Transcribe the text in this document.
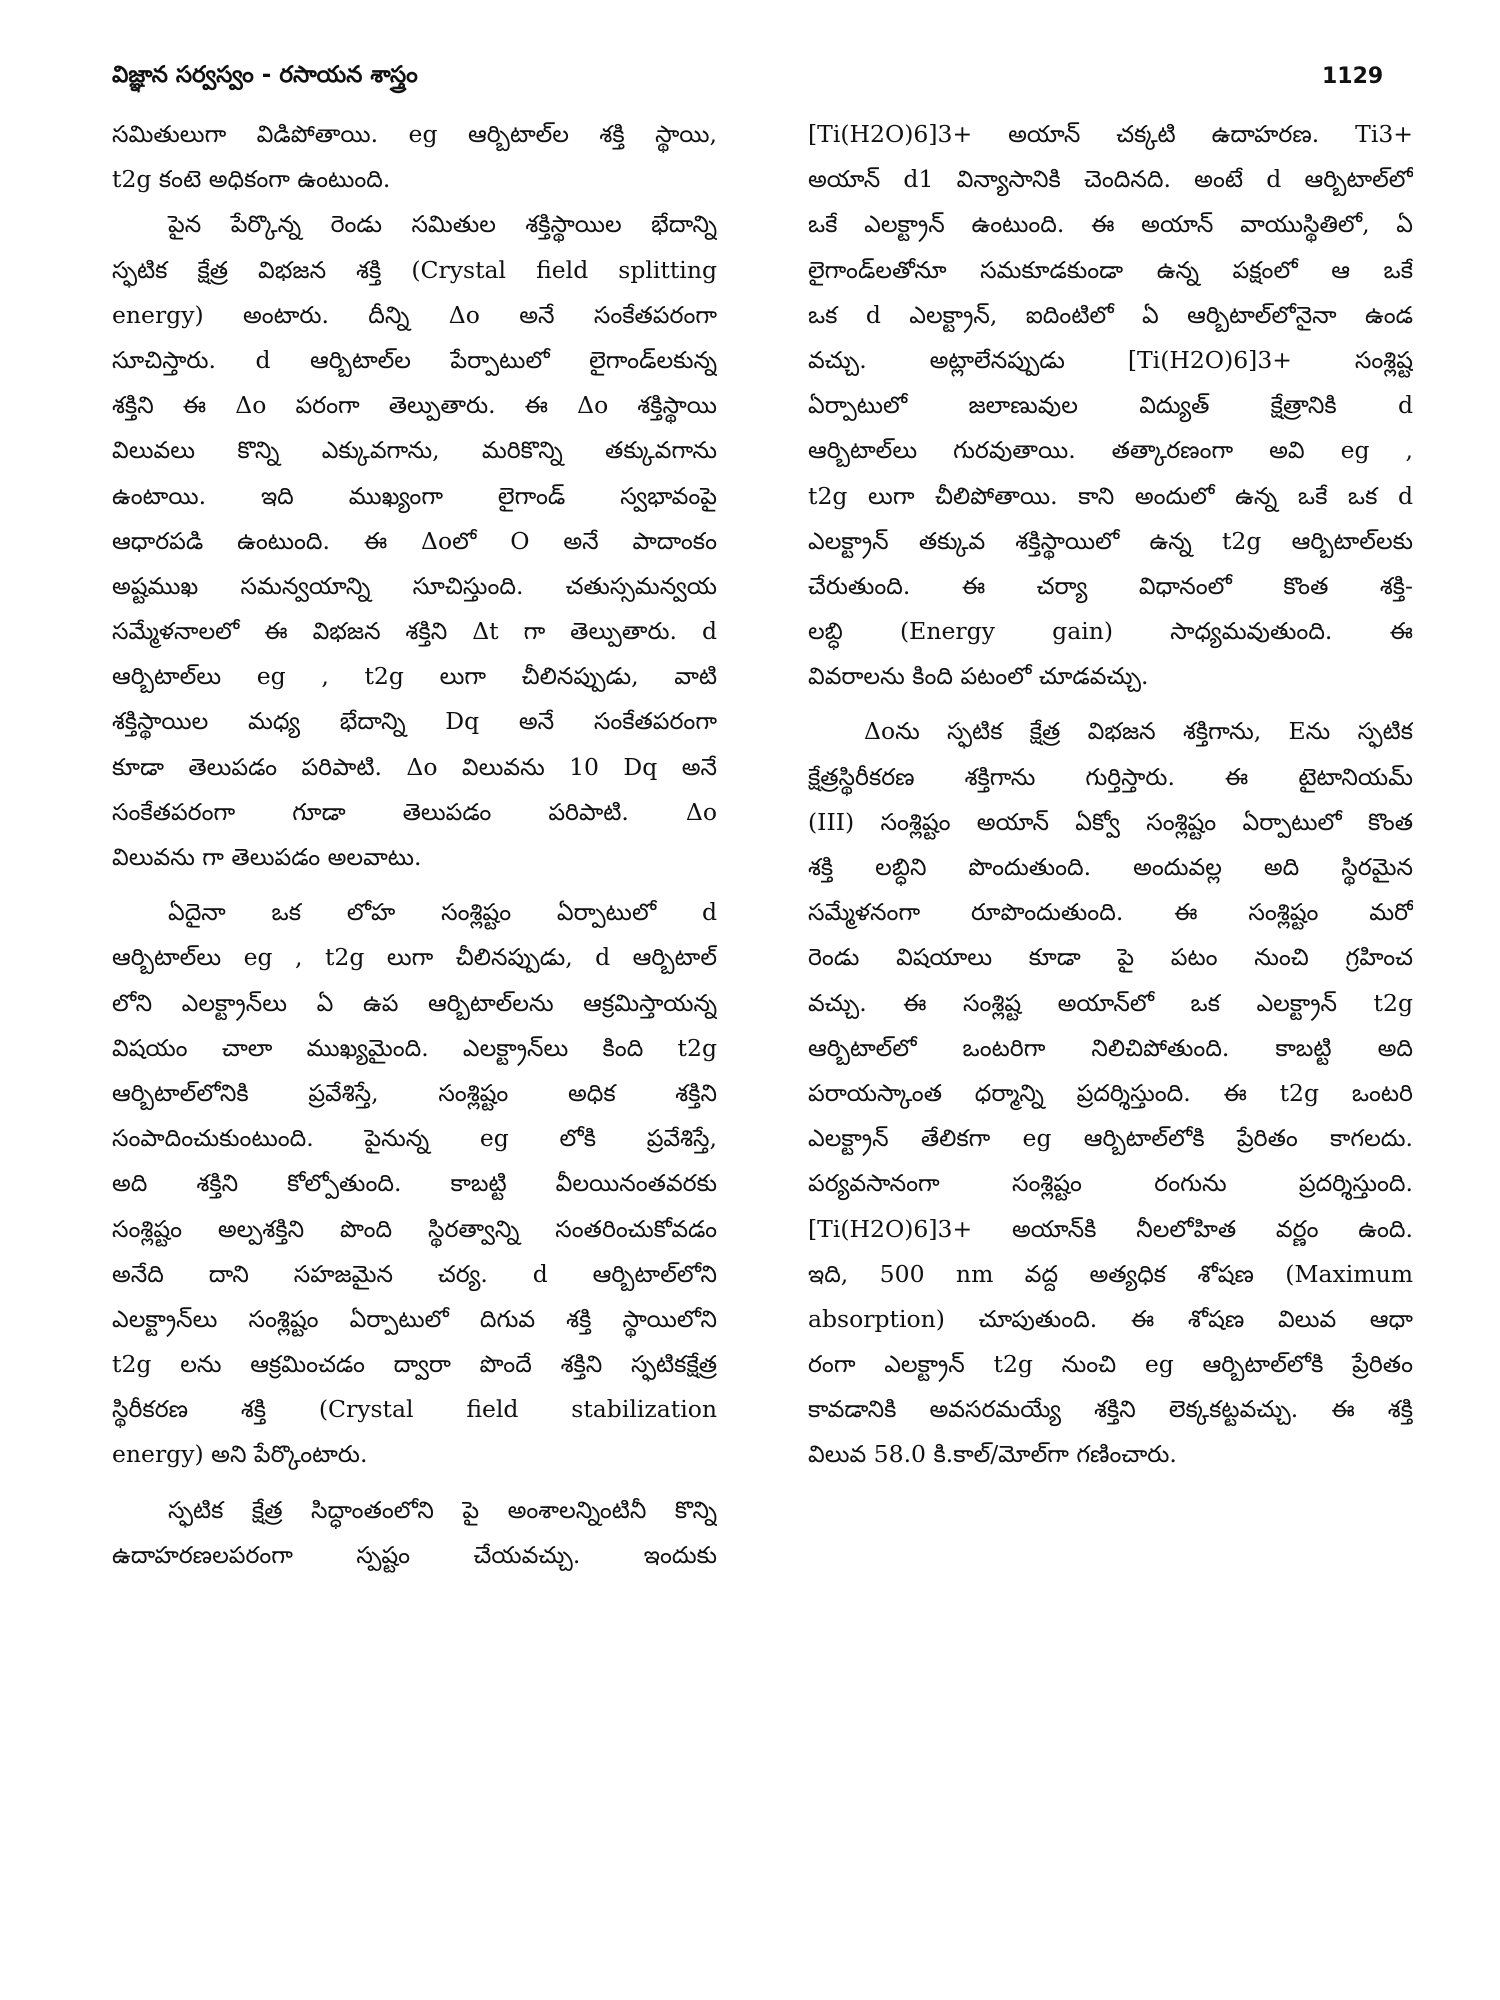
విజ్ఞాన సర్వస్వం - రసాయన శాస్త్రం	1129
సమితులుగా విడిపోతాయి. eg ఆర్బిటాల్‌ల శక్తి స్థాయి,
t2g కంటె అధికంగా ఉంటుంది.
పైన పేర్కొన్న రెండు సమితుల శక్తిస్థాయిల భేదాన్ని
స్ఫటిక క్షేత్ర విభజన శక్తి (Crystal field splitting
energy) అంటారు. దీన్ని Δo అనే సంకేతపరంగా
సూచిస్తారు. d ఆర్బిటాల్‌ల పేర్పాటులో లైగాండ్‌లకున్న
శక్తిని ఈ Δo పరంగా తెల్పుతారు. ఈ Δo శక్తిస్థాయి
విలువలు కొన్ని ఎక్కువగాను, మరికొన్ని తక్కువగాను
ఉంటాయి. ఇది ముఖ్యంగా లైగాండ్ స్వభావంపై
ఆధారపడి ఉంటుంది. ఈ Δoలో O అనే పాదాంకం
అష్టముఖ సమన్వయాన్ని సూచిస్తుంది. చతుస్సమన్వయ
సమ్మేళనాలలో ఈ విభజన శక్తిని Δt గా తెల్పుతారు. d
ఆర్బిటాల్‌లు eg , t2g లుగా చీలినప్పుడు, వాటి
శక్తిస్థాయిల మధ్య భేదాన్ని Dq అనే సంకేతపరంగా
కూడా తెలుపడం పరిపాటి. Δo విలువను 10 Dq అనే
సంకేతపరంగా గూడా తెలుపడం పరిపాటి. Δo
విలువను గా తెలుపడం అలవాటు.
ఏదైనా ఒక లోహ సంశ్లిష్టం ఏర్పాటులో d
ఆర్బిటాల్‌లు eg , t2g లుగా చీలినప్పుడు, d ఆర్బిటాల్
లోని ఎలక్ట్రాన్‌లు ఏ ఉప ఆర్బిటాల్‌లను ఆక్రమిస్తాయన్న
విషయం చాలా ముఖ్యమైంది. ఎలక్ట్రాన్‌లు కింది t2g
ఆర్బిటాల్‌లోనికి ప్రవేశిస్తే, సంశ్లిష్టం అధిక శక్తిని
సంపాదించుకుంటుంది. పైనున్న eg లోకి ప్రవేశిస్తే,
అది శక్తిని కోల్పోతుంది. కాబట్టి వీలయినంతవరకు
సంశ్లిష్టం అల్పశక్తిని పొంది స్థిరత్వాన్ని సంతరించుకోవడం
అనేది దాని సహజమైన చర్య. d ఆర్బిటాల్‌లోని
ఎలక్ట్రాన్‌లు సంశ్లిష్టం ఏర్పాటులో దిగువ శక్తి స్థాయిలోని
t2g లను ఆక్రమించడం ద్వారా పొందే శక్తిని స్ఫటికక్షేత్ర
స్థిరీకరణ శక్తి (Crystal field stabilization
energy) అని పేర్కొంటారు.
స్ఫటిక క్షేత్ర సిద్ధాంతంలోని పై అంశాలన్నింటినీ కొన్ని
ఉదాహరణలపరంగా స్పష్టం చేయవచ్చు. ఇందుకు
[Ti(H2O)6]3+ అయాన్ చక్కటి ఉదాహరణ. Ti3+
అయాన్ d1 విన్యాసానికి చెందినది. అంటే d ఆర్బిటాల్‌లో
ఒకే ఎలక్ట్రాన్ ఉంటుంది. ఈ అయాన్ వాయుస్థితిలో, ఏ
లైగాండ్‌లతోనూ సమకూడకుండా ఉన్న పక్షంలో ఆ ఒకే
ఒక d ఎలక్ట్రాన్, ఐదింటిలో ఏ ఆర్బిటాల్‌లోనైనా ఉండ
వచ్చు. అట్లాలేనప్పుడు [Ti(H2O)6]3+ సంశ్లిష్ట
ఏర్పాటులో జలాణువుల విద్యుత్ క్షేత్రానికి d
ఆర్బిటాల్‌లు గురవుతాయి. తత్కారణంగా అవి eg ,
t2g లుగా చీలిపోతాయి. కాని అందులో ఉన్న ఒకే ఒక d
ఎలక్ట్రాన్ తక్కువ శక్తిస్థాయిలో ఉన్న t2g ఆర్బిటాల్‌లకు
చేరుతుంది. ఈ చర్యా విధానంలో కొంత శక్తి-
లబ్ధి (Energy gain) సాధ్యమవుతుంది. ఈ
వివరాలను కింది పటంలో చూడవచ్చు.
Δoను స్ఫటిక క్షేత్ర విభజన శక్తిగాను, Eను స్ఫటిక
క్షేత్రస్థిరీకరణ శక్తిగాను గుర్తిస్తారు. ఈ టైటానియమ్
(III) సంశ్లిష్టం అయాన్ ఏక్వో సంశ్లిష్టం ఏర్పాటులో కొంత
శక్తి లబ్ధిని పొందుతుంది. అందువల్ల అది స్థిరమైన
సమ్మేళనంగా రూపొందుతుంది. ఈ సంశ్లిష్టం మరో
రెండు విషయాలు కూడా పై పటం నుంచి గ్రహించ
వచ్చు. ఈ సంశ్లిష్ట అయాన్‌లో ఒక ఎలక్ట్రాన్ t2g
ఆర్బిటాల్‌లో ఒంటరిగా నిలిచిపోతుంది. కాబట్టి అది
పరాయస్కాంత ధర్మాన్ని ప్రదర్శిస్తుంది. ఈ t2g ఒంటరి
ఎలక్ట్రాన్ తేలికగా eg ఆర్బిటాల్‌లోకి ప్రేరితం కాగలదు.
పర్యవసానంగా సంశ్లిష్టం రంగును ప్రదర్శిస్తుంది.
[Ti(H2O)6]3+ అయాన్‌కి నీలలోహిత వర్ణం ఉంది.
ఇది, 500 nm వద్ద అత్యధిక శోషణ (Maximum
absorption) చూపుతుంది. ఈ శోషణ విలువ ఆధా
రంగా ఎలక్ట్రాన్ t2g నుంచి eg ఆర్బిటాల్‌లోకి ప్రేరితం
కావడానికి అవసరమయ్యే శక్తిని లెక్కకట్టవచ్చు. ఈ శక్తి
విలువ 58.0 కి.కాల్/మోల్‌గా గణించారు.
